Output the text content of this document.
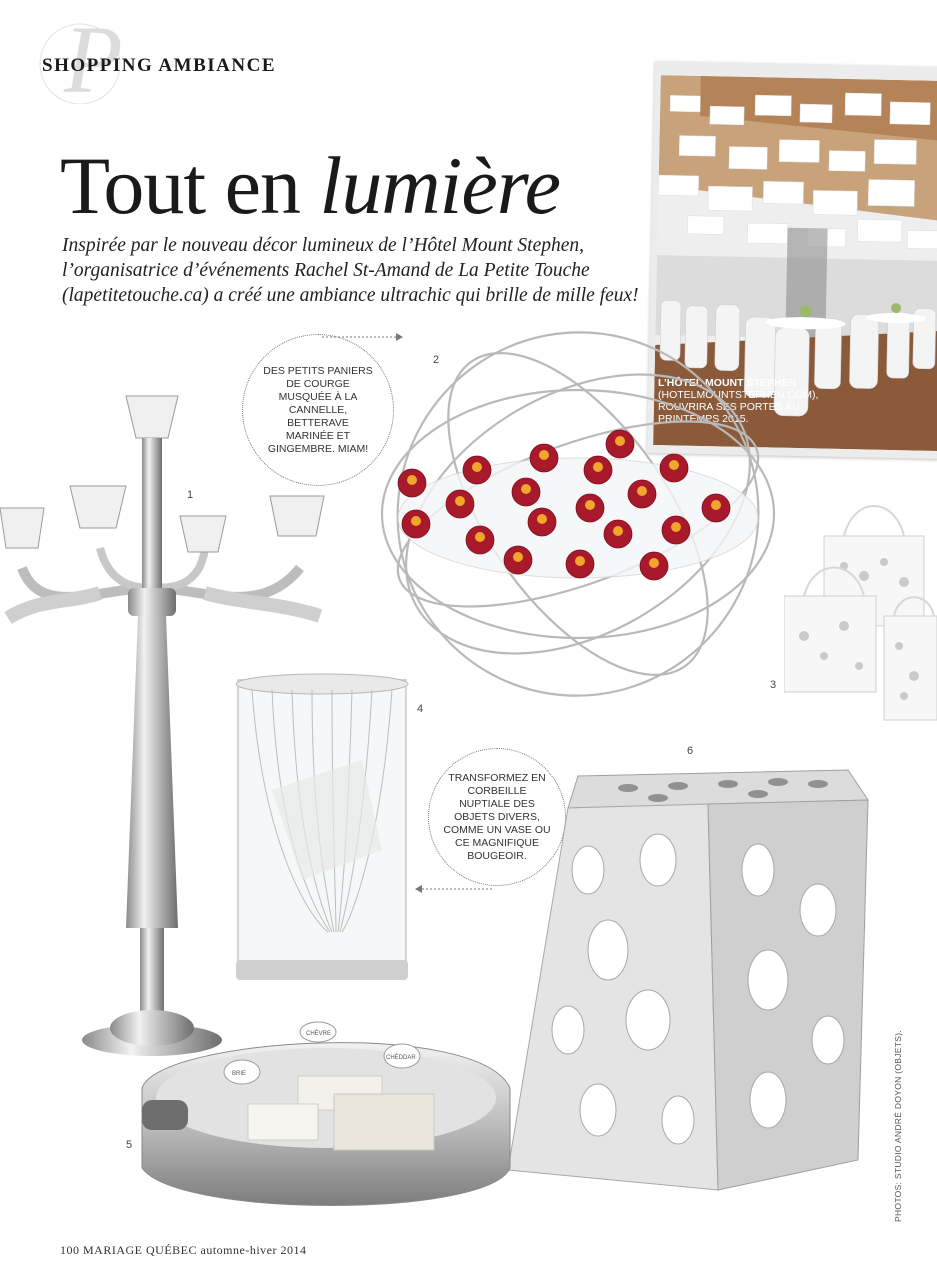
P
SHOPPING AMBIANCE
Tout en lumière
Inspirée par le nouveau décor lumineux de l’Hôtel Mount Stephen, l’organisatrice d’événements Rachel St-Amand de La Petite Touche (lapetitetouche.ca) a créé une ambiance ultrachic qui brille de mille feux!
L’HÔTEL MOUNT STEPHEN
(HOTELMOUNTSTEPHEN.COM), ROUVRIRA SES PORTES AU PRINTEMPS 2015.
2
DES PETITS PANIERS DE COURGE MUSQUÉE À LA CANNELLE, BETTERAVE MARINÉE ET GINGEMBRE. MIAM!
1
3
4
TRANSFORMEZ EN CORBEILLE NUPTIALE DES OBJETS DIVERS, COMME UN VASE OU CE MAGNIFIQUE BOUGEOIR.
6
5
BRIE
CHÈVRE
CHÈDDAR
100 MARIAGE QUÉBEC automne-hiver 2014
PHOTOS: STUDIO ANDRÉ DOYON (OBJETS).
